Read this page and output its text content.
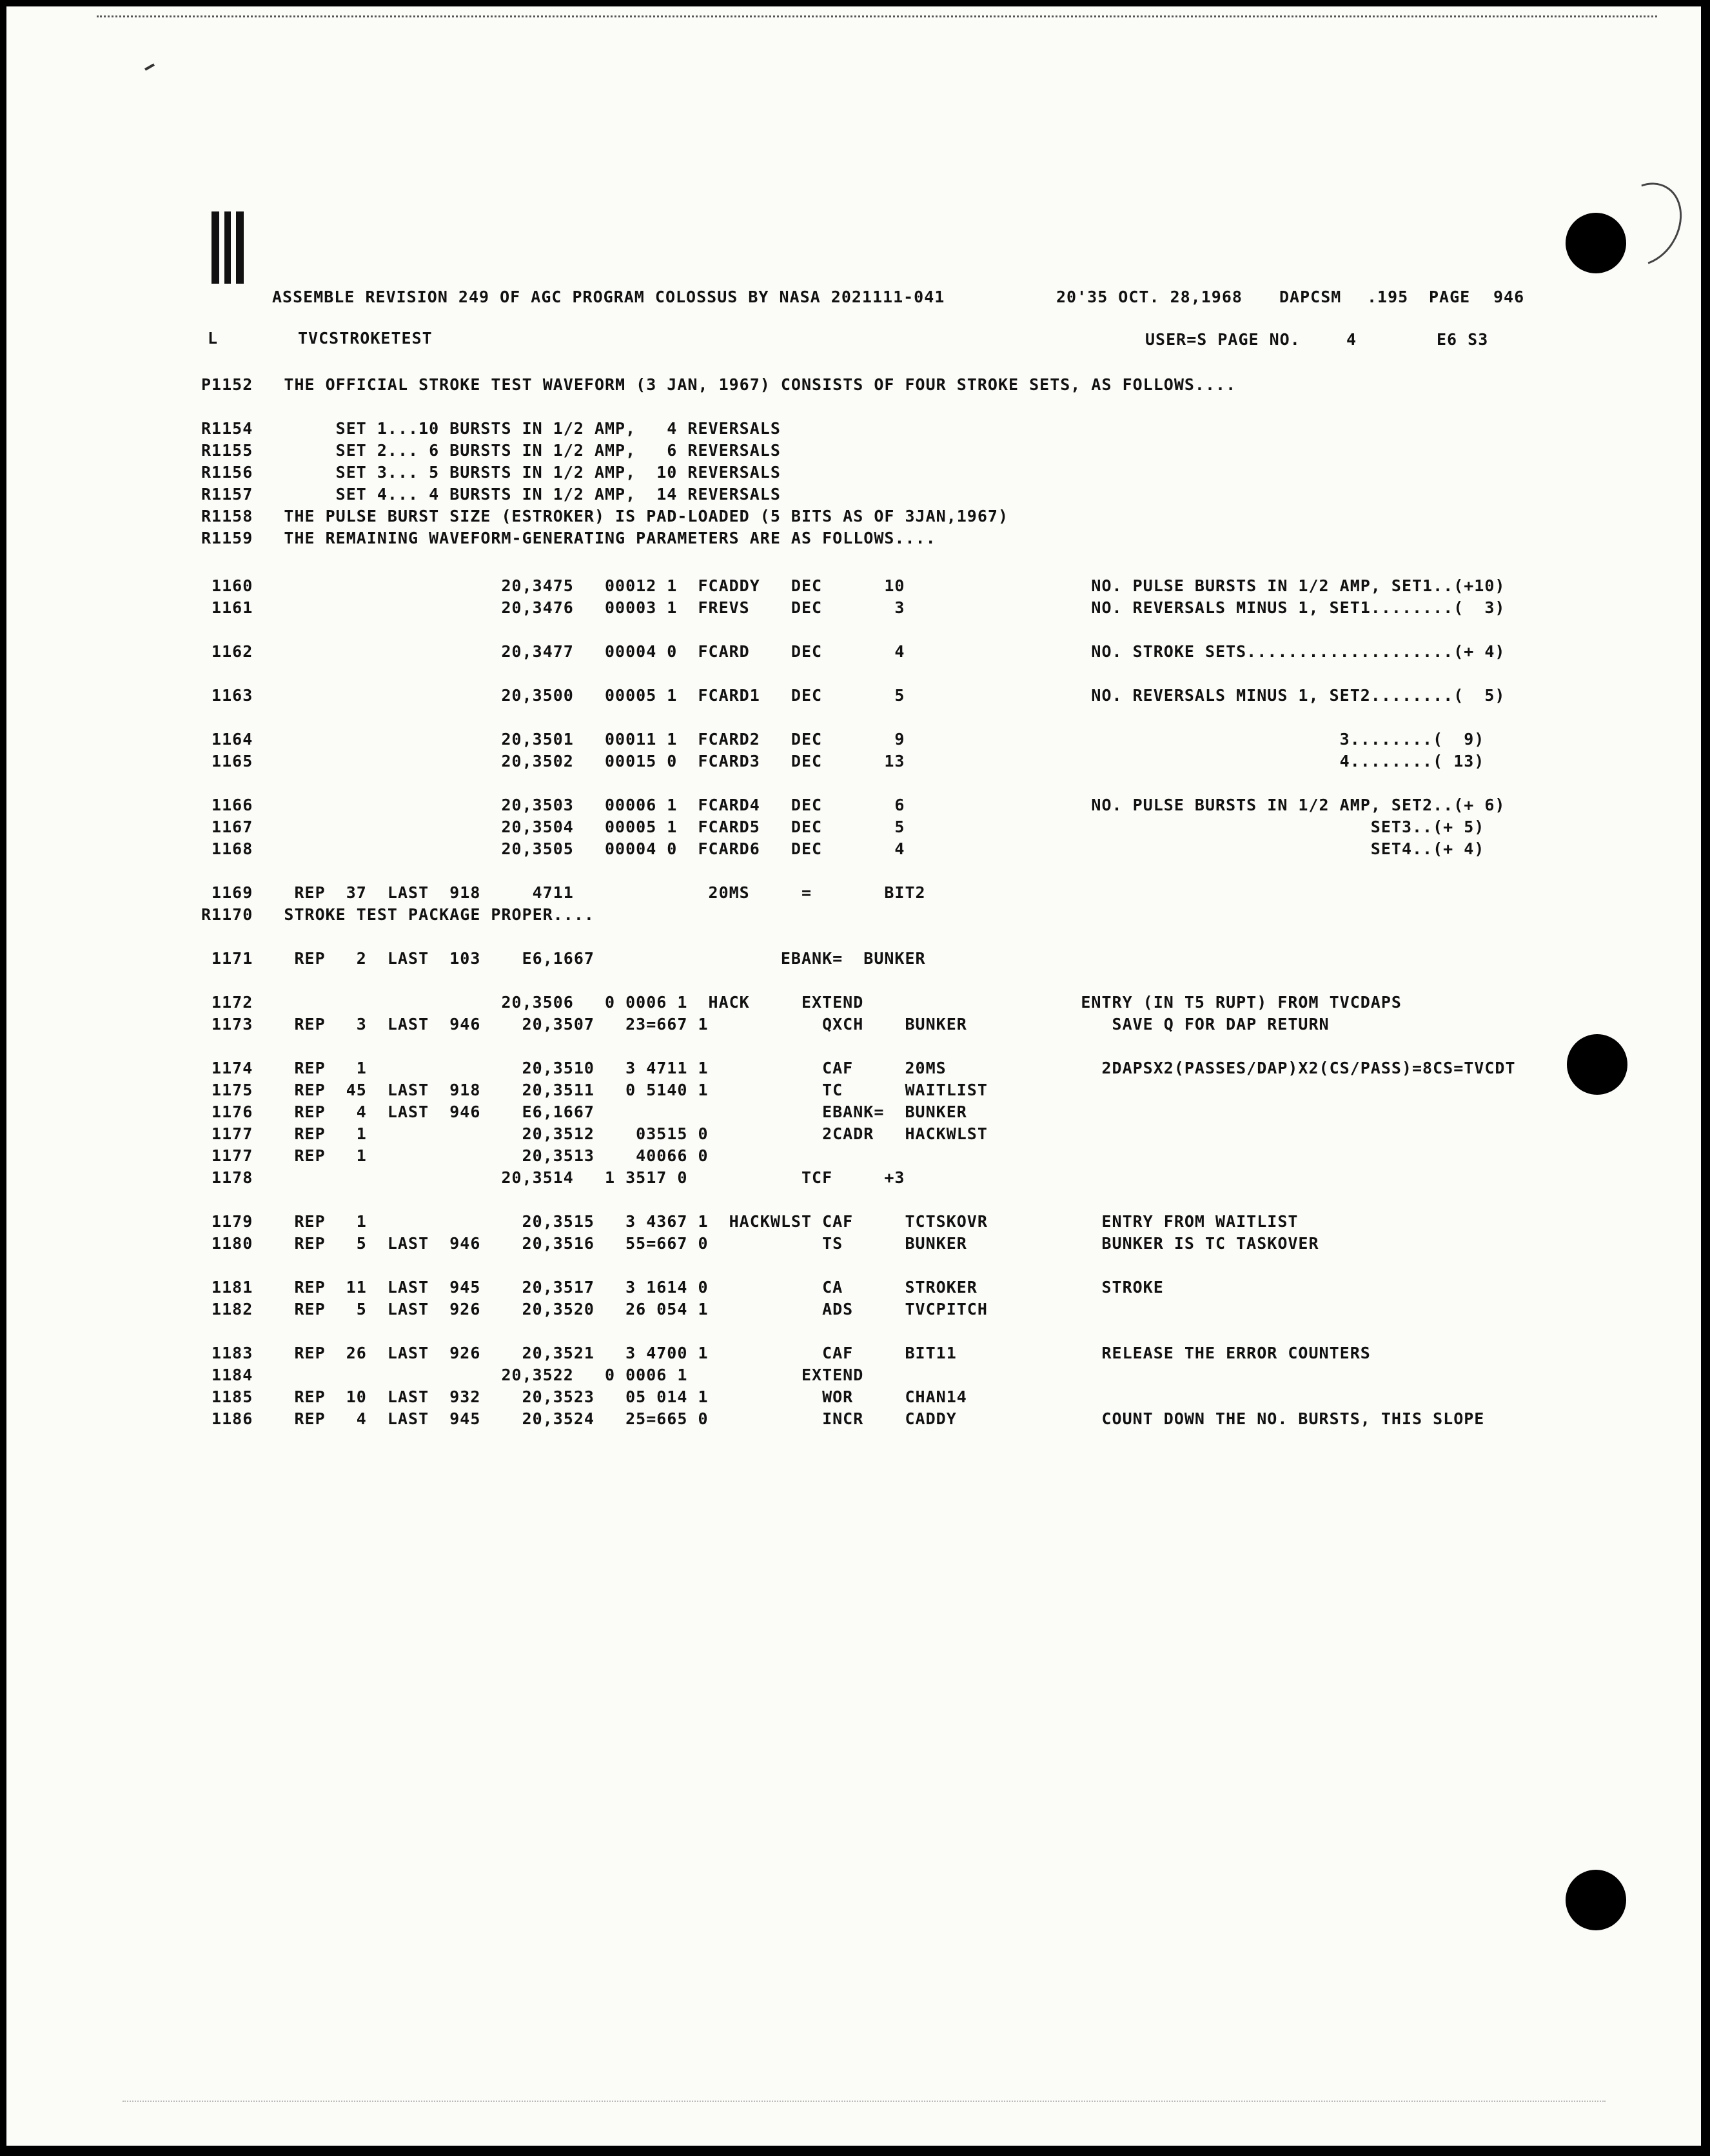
ASSEMBLE REVISION 249 OF AGC PROGRAM COLOSSUS BY NASA 2021111-041	20'35 OCT. 28,1968 DAPCSM .195 PAGE 946
L	TVCSTROKETEST	USER=S PAGE NO.	4	E6 S3
P1152   THE OFFICIAL STROKE TEST WAVEFORM (3 JAN, 1967) CONSISTS OF FOUR STROKE SETS, AS FOLLOWS....
R1154        SET 1...10 BURSTS IN 1/2 AMP,   4 REVERSALS
R1155        SET 2... 6 BURSTS IN 1/2 AMP,   6 REVERSALS
R1156        SET 3... 5 BURSTS IN 1/2 AMP,  10 REVERSALS
R1157        SET 4... 4 BURSTS IN 1/2 AMP,  14 REVERSALS
R1158   THE PULSE BURST SIZE (ESTROKER) IS PAD-LOADED (5 BITS AS OF 3JAN,1967)
R1159   THE REMAINING WAVEFORM-GENERATING PARAMETERS ARE AS FOLLOWS....
1160                        20,3475   00012 1  FCADDY   DEC      10                  NO. PULSE BURSTS IN 1/2 AMP, SET1..(+10)
1161                        20,3476   00003 1  FREVS    DEC       3                  NO. REVERSALS MINUS 1, SET1........(  3)
1162                        20,3477   00004 0  FCARD    DEC       4                  NO. STROKE SETS....................(+ 4)
1163                        20,3500   00005 1  FCARD1   DEC       5                  NO. REVERSALS MINUS 1, SET2........(  5)
1164                        20,3501   00011 1  FCARD2   DEC       9                                          3........(  9)
1165                        20,3502   00015 0  FCARD3   DEC      13                                          4........( 13)
1166                        20,3503   00006 1  FCARD4   DEC       6                  NO. PULSE BURSTS IN 1/2 AMP, SET2..(+ 6)
1167                        20,3504   00005 1  FCARD5   DEC       5                                             SET3..(+ 5)
1168                        20,3505   00004 0  FCARD6   DEC       4                                             SET4..(+ 4)
1169    REP  37  LAST  918     4711             20MS     =       BIT2
R1170   STROKE TEST PACKAGE PROPER....
1171    REP   2  LAST  103    E6,1667                  EBANK=  BUNKER
1172                        20,3506   0 0006 1  HACK     EXTEND                     ENTRY (IN T5 RUPT) FROM TVCDAPS
1173    REP   3  LAST  946    20,3507   23=667 1           QXCH    BUNKER              SAVE Q FOR DAP RETURN
1174    REP   1               20,3510   3 4711 1           CAF     20MS               2DAPSX2(PASSES/DAP)X2(CS/PASS)=8CS=TVCDT
1175    REP  45  LAST  918    20,3511   0 5140 1           TC      WAITLIST
1176    REP   4  LAST  946    E6,1667                      EBANK=  BUNKER
1177    REP   1               20,3512    03515 0           2CADR   HACKWLST
1177    REP   1               20,3513    40066 0
1178                        20,3514   1 3517 0           TCF     +3
1179    REP   1               20,3515   3 4367 1  HACKWLST CAF     TCTSKOVR           ENTRY FROM WAITLIST
1180    REP   5  LAST  946    20,3516   55=667 0           TS      BUNKER             BUNKER IS TC TASKOVER
1181    REP  11  LAST  945    20,3517   3 1614 0           CA      STROKER            STROKE
1182    REP   5  LAST  926    20,3520   26 054 1           ADS     TVCPITCH
1183    REP  26  LAST  926    20,3521   3 4700 1           CAF     BIT11              RELEASE THE ERROR COUNTERS
1184                        20,3522   0 0006 1           EXTEND
1185    REP  10  LAST  932    20,3523   05 014 1           WOR     CHAN14
1186    REP   4  LAST  945    20,3524   25=665 0           INCR    CADDY              COUNT DOWN THE NO. BURSTS, THIS SLOPE
